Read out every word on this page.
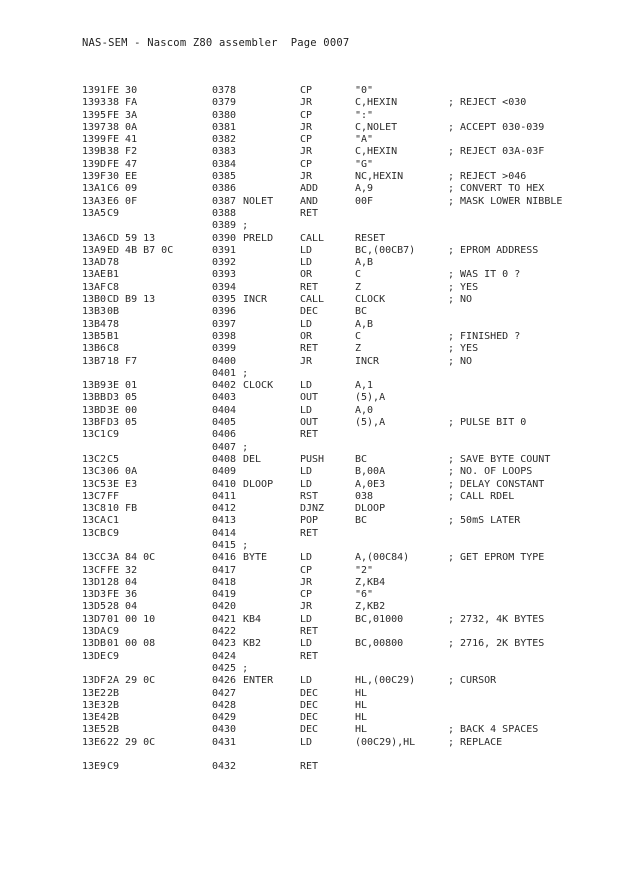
NAS-SEM - Nascom Z80 assembler Page 0007
1391 FE 30	0378	CP	"0"
1393 38 FA	0379	JR	C,HEXIN	; REJECT <030
1395 FE 3A	0380	CP	":"
1397 38 0A	0381	JR	C,NOLET	; ACCEPT 030-039
1399 FE 41	0382	CP	"A"
139B 38 F2	0383	JR	C,HEXIN	; REJECT 03A-03F
139D FE 47	0384	CP	"G"
139F 30 EE	0385	JR	NC,HEXIN	; REJECT >046
13A1 C6 09	0386	ADD	A,9	; CONVERT TO HEX
13A3 E6 0F	0387 NOLET	AND	00F	; MASK LOWER NIBBLE
13A5 C9	0388	RET
0389 ;
13A6 CD 59 13	0390 PRELD	CALL	RESET
13A9 ED 4B B7 0C	0391	LD	BC,(00CB7)	; EPROM ADDRESS
13AD 78	0392	LD	A,B
13AE B1	0393	OR	C	; WAS IT 0 ?
13AF C8	0394	RET	Z	; YES
13B0 CD B9 13	0395 INCR	CALL	CLOCK	; NO
13B3 0B	0396	DEC	BC
13B4 78	0397	LD	A,B
13B5 B1	0398	OR	C	; FINISHED ?
13B6 C8	0399	RET	Z	; YES
13B7 18 F7	0400	JR	INCR	; NO
0401 ;
13B9 3E 01	0402 CLOCK	LD	A,1
13BB D3 05	0403	OUT	(5),A
13BD 3E 00	0404	LD	A,0
13BF D3 05	0405	OUT	(5),A	; PULSE BIT 0
13C1 C9	0406	RET
0407 ;
13C2 C5	0408 DEL	PUSH	BC	; SAVE BYTE COUNT
13C3 06 0A	0409	LD	B,00A	; NO. OF LOOPS
13C5 3E E3	0410 DLOOP	LD	A,0E3	; DELAY CONSTANT
13C7 FF	0411	RST	038	; CALL RDEL
13C8 10 FB	0412	DJNZ	DLOOP
13CA C1	0413	POP	BC	; 50mS LATER
13CB C9	0414	RET
0415 ;
13CC 3A 84 0C	0416 BYTE	LD	A,(00C84)	; GET EPROM TYPE
13CF FE 32	0417	CP	"2"
13D1 28 04	0418	JR	Z,KB4
13D3 FE 36	0419	CP	"6"
13D5 28 04	0420	JR	Z,KB2
13D7 01 00 10	0421 KB4	LD	BC,01000	; 2732, 4K BYTES
13DA C9	0422	RET
13DB 01 00 08	0423 KB2	LD	BC,00800	; 2716, 2K BYTES
13DE C9	0424	RET
0425 ;
13DF 2A 29 0C	0426 ENTER	LD	HL,(00C29)	; CURSOR
13E2 2B	0427	DEC	HL
13E3 2B	0428	DEC	HL
13E4 2B	0429	DEC	HL
13E5 2B	0430	DEC	HL	; BACK 4 SPACES
13E6 22 29 0C	0431	LD	(00C29),HL	; REPLACE
13E9 C9	0432	RET
